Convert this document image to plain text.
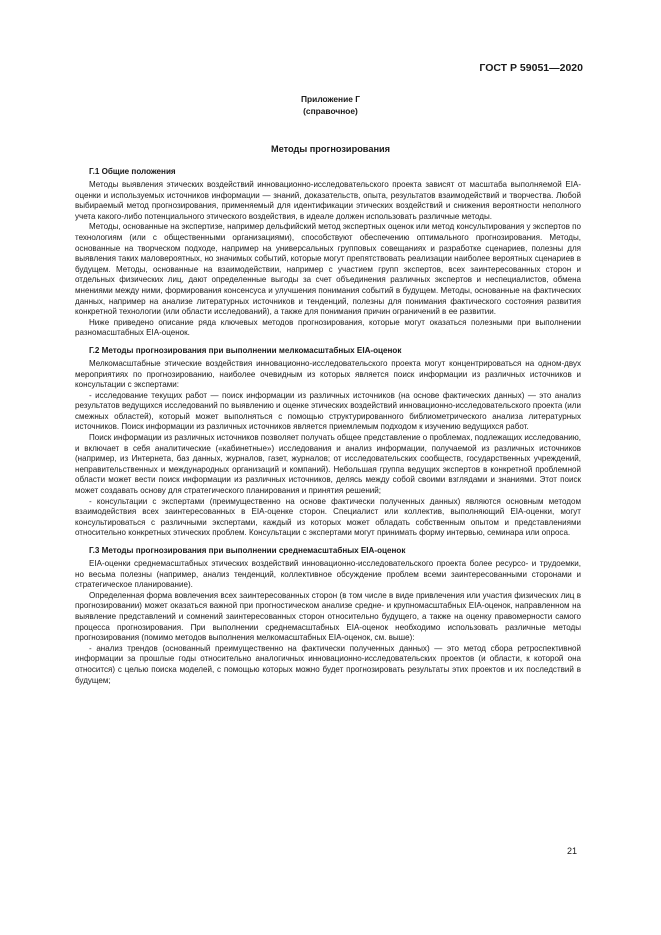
ГОСТ Р 59051—2020
Приложение Г
(справочное)
Методы прогнозирования
Г.1 Общие положения

Методы выявления этических воздействий инновационно-исследовательского проекта зависят от масштаба выполняемой EIA-оценки и используемых источников информации — знаний, доказательств, опыта, результатов взаимодействий и творчества. Любой выбираемый метод прогнозирования, применяемый для идентификации этических воздействий и снижения вероятности неполного учета какого-либо потенциального этического воздействия, в идеале должен использовать различные методы.

Методы, основанные на экспертизе, например дельфийский метод экспертных оценок или метод консультирования у экспертов по технологиям (или с общественными организациями), способствуют обеспечению оптимального прогнозирования. Методы, основанные на творческом подходе, например на универсальных групповых совещаниях и разработке сценариев, полезны для выявления таких маловероятных, но значимых событий, которые могут препятствовать реализации наиболее вероятных сценариев в будущем. Методы, основанные на взаимодействии, например с участием групп экспертов, всех заинтересованных сторон и отдельных физических лиц, дают определенные выгоды за счет объединения различных экспертов и неспециалистов, обмена мнениями между ними, формирования консенсуса и улучшения понимания событий в будущем. Методы, основанные на фактических данных, например на анализе литературных источников и тенденций, полезны для понимания фактического состояния развития конкретной технологии (или области исследований), а также для понимания причин ограничений в ее развитии.

Ниже приведено описание ряда ключевых методов прогнозирования, которые могут оказаться полезными при выполнении разномасштабных EIA-оценок.

Г.2 Методы прогнозирования при выполнении мелкомасштабных EIA-оценок

Мелкомасштабные этические воздействия инновационно-исследовательского проекта могут концентрироваться на одном-двух мероприятиях по прогнозированию, наиболее очевидным из которых является поиск информации из различных источников и консультации с экспертами:

- исследование текущих работ — поиск информации из различных источников (на основе фактических данных) — это анализ результатов ведущихся исследований по выявлению и оценке этических воздействий инновационно-исследовательского проекта (или смежных областей), который может выполняться с помощью структурированного библиометрического анализа литературных источников. Поиск информации из различных источников является приемлемым подходом к изучению ведущихся работ.

Поиск информации из различных источников позволяет получать общее представление о проблемах, подлежащих исследованию, и включает в себя аналитические («кабинетные») исследования и анализ информации, получаемой из различных источников (например, из Интернета, баз данных, журналов, газет, журналов; от исследовательских сообществ, государственных учреждений, неправительственных и международных организаций и компаний). Небольшая группа ведущих экспертов в конкретной проблемной области может вести поиск информации из различных источников, делясь между собой своими взглядами и знаниями. Этот поиск может создавать основу для стратегического планирования и принятия решений;

- консультации с экспертами (преимущественно на основе фактически полученных данных) являются основным методом взаимодействия всех заинтересованных в EIA-оценке сторон. Специалист или коллектив, выполняющий EIA-оценки, могут консультироваться с различными экспертами, каждый из которых может обладать собственным опытом и представлениями относительно конкретных этических проблем. Консультации с экспертами могут принимать форму интервью, семинара или опроса.

Г.3 Методы прогнозирования при выполнении среднемасштабных EIA-оценок

EIA-оценки среднемасштабных этических воздействий инновационно-исследовательского проекта более ресурсо- и трудоемки, но весьма полезны (например, анализ тенденций, коллективное обсуждение проблем всеми заинтересованными сторонами и стратегическое планирование).

Определенная форма вовлечения всех заинтересованных сторон (в том числе в виде привлечения или участия физических лиц в прогнозировании) может оказаться важной при прогностическом анализе средне- и крупномасштабных EIA-оценок, направленном на выявление представлений и сомнений заинтересованных сторон относительно будущего, а также на оценку правомерности самого процесса прогнозирования. При выполнении среднемасштабных EIA-оценок необходимо использовать различные методы прогнозирования (помимо методов выполнения мелкомасштабных EIA-оценок, см. выше):

- анализ трендов (основанный преимущественно на фактически полученных данных) — это метод сбора ретроспективной информации за прошлые годы относительно аналогичных инновационно-исследовательских проектов (и области, к которой она относится) с целью поиска моделей, с помощью которых можно будет прогнозировать результаты этих проектов и их последствий в будущем;

21
